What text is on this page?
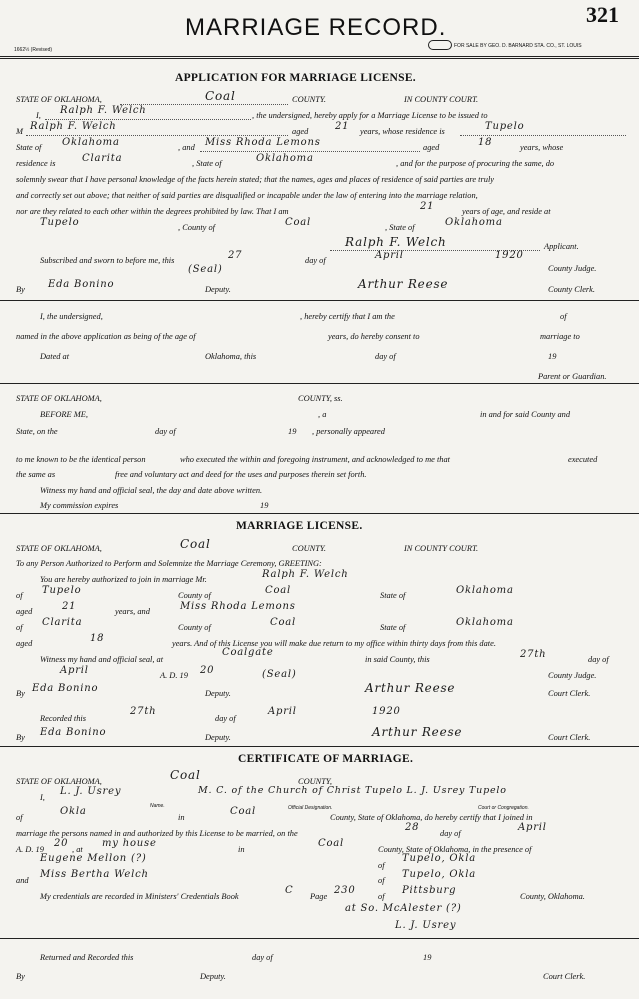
MARRIAGE RECORD.	321
1662½ (Revised)
FOR SALE BY GEO. D. BARNARD STA. CO., ST. LOUIS
APPLICATION FOR MARRIAGE LICENSE.
STATE OF OKLAHOMA,	Coal	COUNTY.	IN COUNTY COURT.
I, Ralph F. Welch	, the undersigned, hereby apply for a Marriage License to be issued to
M Ralph F. Welch	aged	21 years, whose residence is	Tupelo
State of Oklahoma	, and Miss Rhoda Lemons	aged	18	years, whose
residence is	Clarita	, State of	Oklahoma	, and for the purpose of procuring the same, do
solemnly swear that I have personal knowledge of the facts herein stated; that the names, ages and places of residence of said parties are truly
and correctly set out above; that neither of said parties are disqualified or incapable under the law of entering into the marriage relation,
nor are they related to each other within the degrees prohibited by law. That I am	21	years of age, and reside at
Tupelo	, County of	Coal	, State of	Oklahoma
Ralph F. Welch	Applicant.
Subscribed and sworn to before me, this	27	day of	April	1920
County Judge.
(Seal)
By Eda Bonino	Deputy.	Arthur Reese	County Clerk.
I, the undersigned,	, hereby certify that I am the	of
named in the above application as being of the age of	years, do hereby consent to	marriage to
Dated at	Oklahoma, this	day of	19
Parent or Guardian.
STATE OF OKLAHOMA,	COUNTY, ss.
BEFORE ME,	, a	in and for said County and
State, on the	day of	19 , personally appeared
to me known to be the identical person	who executed the within and foregoing instrument, and acknowledged to me that	executed
the same as	free and voluntary act and deed for the uses and purposes therein set forth.
Witness my hand and official seal, the day and date above written.
My commission expires	19
MARRIAGE LICENSE.
STATE OF OKLAHOMA,	Coal	COUNTY.	IN COUNTY COURT.
To any Person Authorized to Perform and Solemnize the Marriage Ceremony, GREETING:
You are hereby authorized to join in marriage Mr.	Ralph F. Welch
of Tupelo	County of	Coal	State of	Oklahoma
aged	21	years, and	Miss Rhoda Lemons
of Clarita	County of	Coal	State of	Oklahoma
aged	18	years. And of this License you will make due return to my office within thirty days from this date.
Witness my hand and official seal, at
Coalgate
in said County, this	27th	day of
April	A. D. 19 20	(Seal)	County Judge.
By Eda Bonino	Deputy.	Arthur Reese	Court Clerk.
Recorded this
27th
day of
April	1920
By Eda Bonino	Deputy.	Arthur Reese	Court Clerk.
CERTIFICATE OF MARRIAGE.
STATE OF OKLAHOMA,	Coal	COUNTY,
I,
L. J. Usrey	M. C. of the Church of Christ Tupelo L. J. Usrey Tupelo
Name.	Official Designation.	Court or Congregation.
of
Okla
in
Coal
County, State of Oklahoma, do hereby certify that I joined in
marriage the persons named in and authorized by this License to be married, on the
28
day of
April
A. D. 19
20
, at
my house
in
Coal
County, State of Oklahoma, in the presence of
Eugene Mellon (?)
of
Tupelo, Okla
and
Miss Bertha Welch
of
Tupelo, Okla
My credentials are recorded in Ministers' Credentials Book
C
Page
230
of
Pittsburg
County, Oklahoma.
at So. McAlester (?)
L. J. Usrey
Returned and Recorded this	day of	19
By	Deputy.	Court Clerk.
